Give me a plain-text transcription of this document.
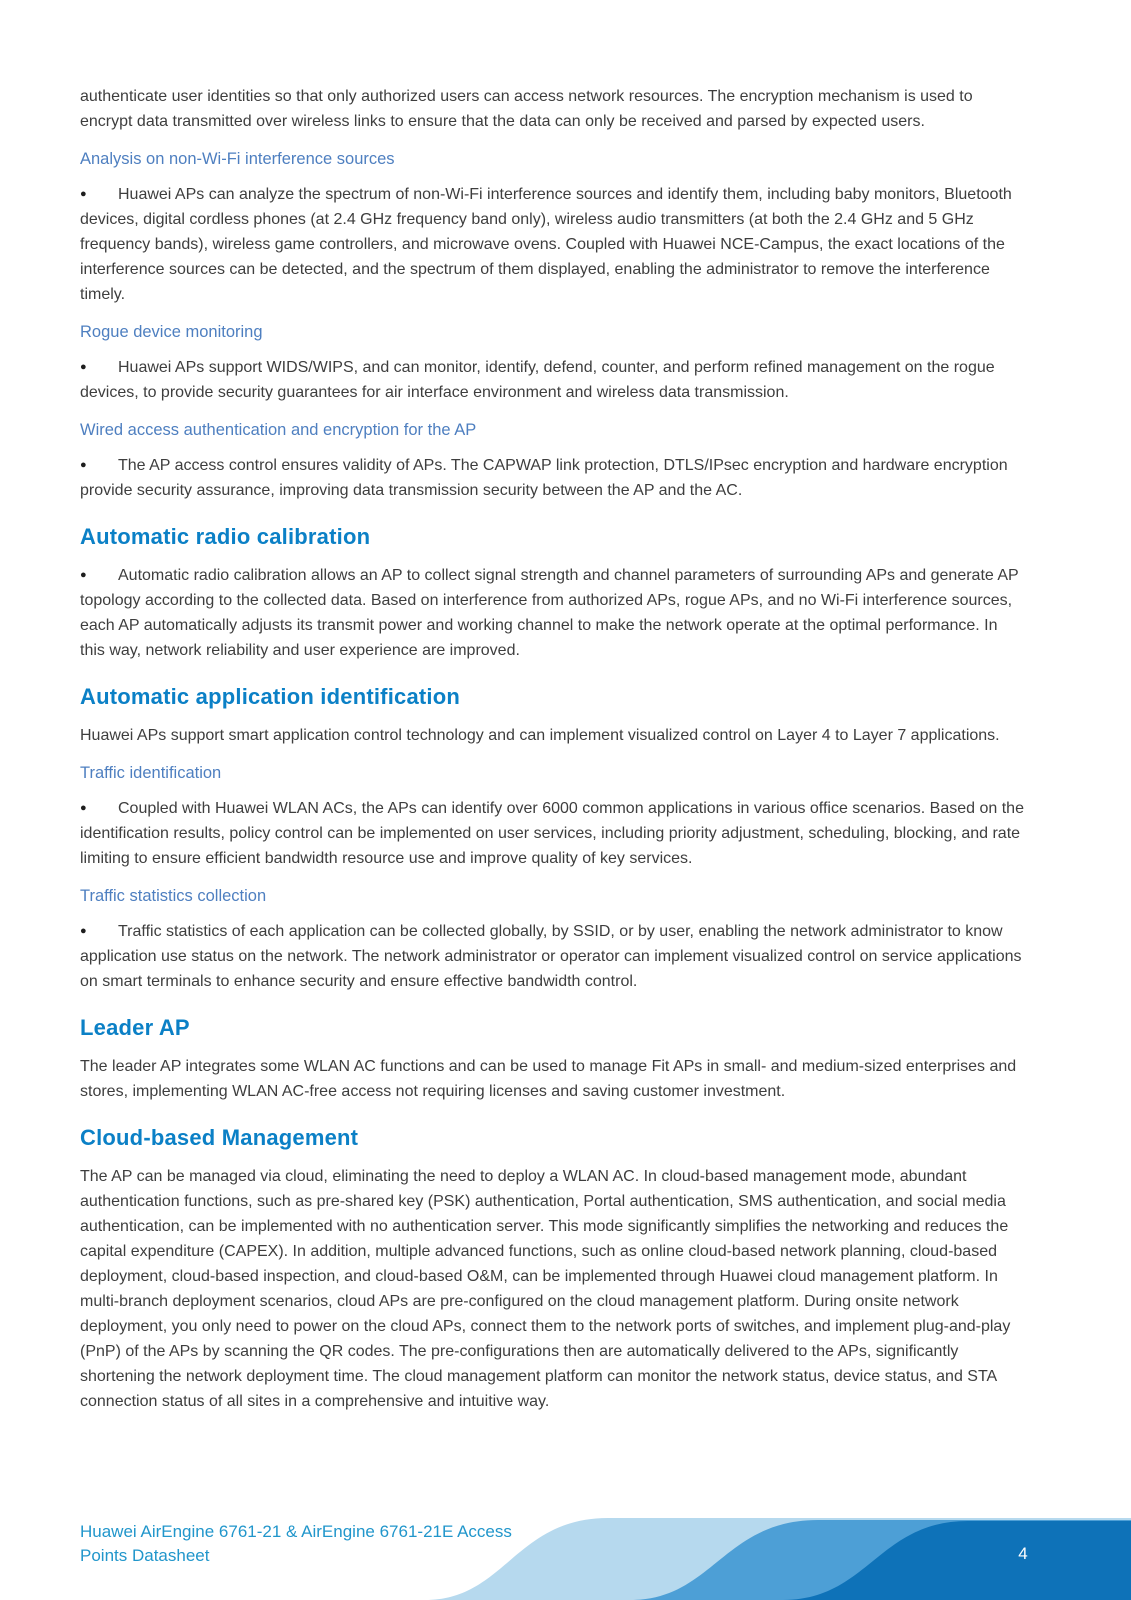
authenticate user identities so that only authorized users can access network resources. The encryption mechanism is used to encrypt data transmitted over wireless links to ensure that the data can only be received and parsed by expected users.

Analysis on non-Wi-Fi interference sources

● Huawei APs can analyze the spectrum of non-Wi-Fi interference sources and identify them, including baby monitors, Bluetooth devices, digital cordless phones (at 2.4 GHz frequency band only), wireless audio transmitters (at both the 2.4 GHz and 5 GHz frequency bands), wireless game controllers, and microwave ovens. Coupled with Huawei NCE-Campus, the exact locations of the interference sources can be detected, and the spectrum of them displayed, enabling the administrator to remove the interference timely.

Rogue device monitoring

● Huawei APs support WIDS/WIPS, and can monitor, identify, defend, counter, and perform refined management on the rogue devices, to provide security guarantees for air interface environment and wireless data transmission.

Wired access authentication and encryption for the AP

● The AP access control ensures validity of APs. The CAPWAP link protection, DTLS/IPsec encryption and hardware encryption provide security assurance, improving data transmission security between the AP and the AC.

Automatic radio calibration

● Automatic radio calibration allows an AP to collect signal strength and channel parameters of surrounding APs and generate AP topology according to the collected data. Based on interference from authorized APs, rogue APs, and no Wi-Fi interference sources, each AP automatically adjusts its transmit power and working channel to make the network operate at the optimal performance. In this way, network reliability and user experience are improved.

Automatic application identification

Huawei APs support smart application control technology and can implement visualized control on Layer 4 to Layer 7 applications.

Traffic identification

● Coupled with Huawei WLAN ACs, the APs can identify over 6000 common applications in various office scenarios. Based on the identification results, policy control can be implemented on user services, including priority adjustment, scheduling, blocking, and rate limiting to ensure efficient bandwidth resource use and improve quality of key services.

Traffic statistics collection

● Traffic statistics of each application can be collected globally, by SSID, or by user, enabling the network administrator to know application use status on the network. The network administrator or operator can implement visualized control on service applications on smart terminals to enhance security and ensure effective bandwidth control.

Leader AP

The leader AP integrates some WLAN AC functions and can be used to manage Fit APs in small- and medium-sized enterprises and stores, implementing WLAN AC-free access not requiring licenses and saving customer investment.

Cloud-based Management

The AP can be managed via cloud, eliminating the need to deploy a WLAN AC. In cloud-based management mode, abundant authentication functions, such as pre-shared key (PSK) authentication, Portal authentication, SMS authentication, and social media authentication, can be implemented with no authentication server. This mode significantly simplifies the networking and reduces the capital expenditure (CAPEX). In addition, multiple advanced functions, such as online cloud-based network planning, cloud-based deployment, cloud-based inspection, and cloud-based O&M, can be implemented through Huawei cloud management platform. In multi-branch deployment scenarios, cloud APs are pre-configured on the cloud management platform. During onsite network deployment, you only need to power on the cloud APs, connect them to the network ports of switches, and implement plug-and-play (PnP) of the APs by scanning the QR codes. The pre-configurations then are automatically delivered to the APs, significantly shortening the network deployment time. The cloud management platform can monitor the network status, device status, and STA connection status of all sites in a comprehensive and intuitive way.

Huawei AirEngine 6761-21 & AirEngine 6761-21E Access
Points Datasheet	4
